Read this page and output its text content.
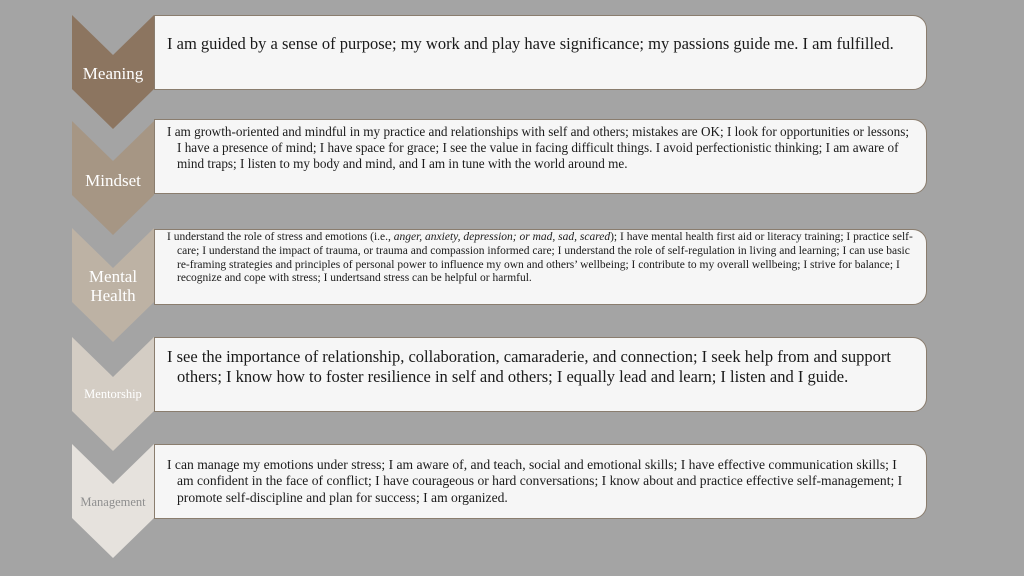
Meaning
I am guided by a sense of purpose; my work and play have significance; my passions guide me. I am fulfilled.
Mindset
I am growth-oriented and mindful in my practice and relationships with self and others; mistakes are OK; I look for opportunities or lessons; I have a presence of mind; I have space for grace; I see the value in facing difficult things. I avoid perfectionistic thinking; I am aware of mind traps; I listen to my body and mind, and I am in tune with the world around me.
Mental
Health
I understand the role of stress and emotions (i.e., anger, anxiety, depression; or mad, sad, scared); I have mental health first aid or literacy training; I practice self-care; I understand the impact of trauma, or trauma and compassion informed care; I understand the role of self-regulation in living and learning; I can use basic re-framing strategies and principles of personal power to influence my own and others’ wellbeing; I contribute to my overall wellbeing; I strive for balance; I recognize and cope with stress; I undertsand stress can be helpful or harmful.
Mentorship
I see the importance of relationship, collaboration, camaraderie, and connection; I seek help from and support others; I know how to foster resilience in self and others; I equally lead and learn; I listen and I guide.
Management
I can manage my emotions under stress; I am aware of, and teach, social and emotional skills; I have effective communication skills; I am confident in the face of conflict; I have courageous or hard conversations; I know about and practice effective self-management; I promote self-discipline and plan for success; I am organized.
